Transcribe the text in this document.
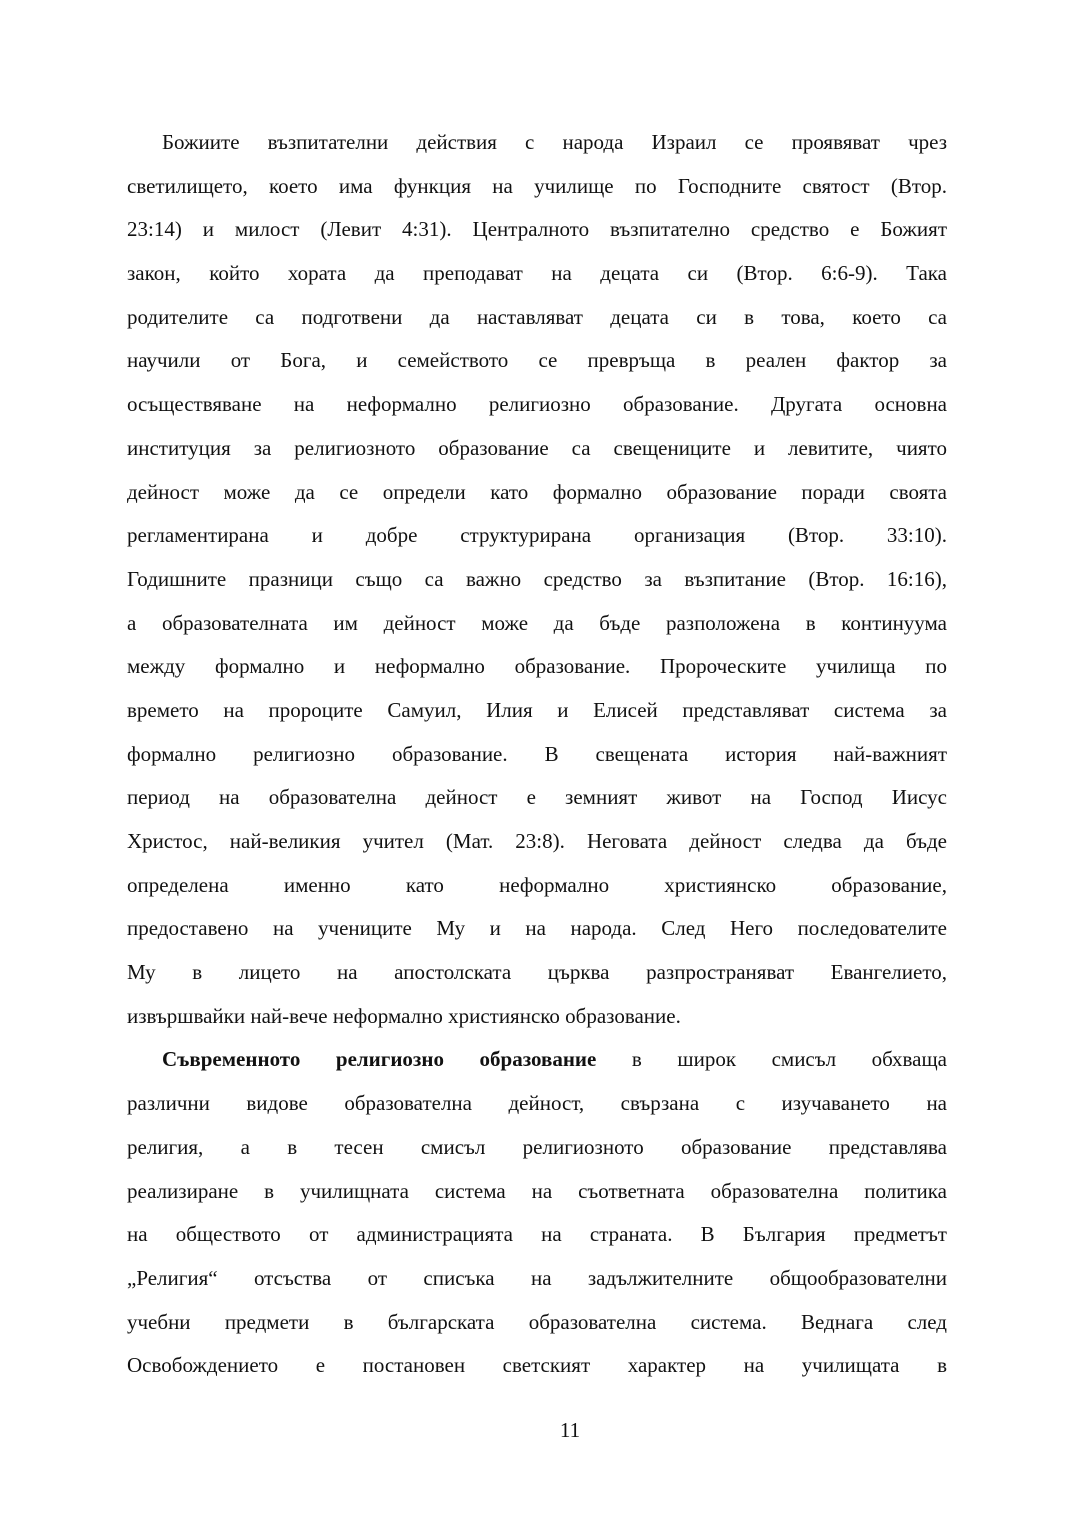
Божиите възпитателни действия с народа Израил се проявяват чрез
светилището, което има функция на училище по Господните святост (Втор.
23:14) и милост (Левит 4:31). Централното възпитателно средство е Божият
закон, който хората да преподават на децата си (Втор. 6:6-9). Така
родителите са подготвени да наставляват децата си в това, което са
научили от Бога, и семейството се превръща в реален фактор за
осъществяване на неформално религиозно образование. Другата основна
институция за религиозното образование са свещениците и левитите, чиято
дейност може да се определи като формално образование поради своята
регламентирана и добре структурирана организация (Втор. 33:10).
Годишните празници също са важно средство за възпитание (Втор. 16:16),
а образователната им дейност може да бъде разположена в континуума
между формално и неформално образование. Пророческите училища по
времето на пророците Самуил, Илия и Елисей представляват система за
формално религиозно образование. В свещената история най-важният
период на образователна дейност е земният живот на Господ Иисус
Христос, най-великия учител (Мат. 23:8). Неговата дейност следва да бъде
определена именно като неформално християнско образование,
предоставено на учениците Му и на народа. След Него последователите
Му в лицето на апостолската църква разпространяват Евангелието,
извършвайки най-вече неформално християнско образование.
Съвременното религиозно образование в широк смисъл обхваща
различни видове образователна дейност, свързана с изучаването на
религия, а в тесен смисъл религиозното образование представлява
реализиране в училищната система на съответната образователна политика
на обществото от администрацията на страната. В България предметът
„Религия“ отсъства от списъка на задължителните общообразователни
учебни предмети в българската образователна система. Веднага след
Освобождението е постановен светският характер на училищата в
11
